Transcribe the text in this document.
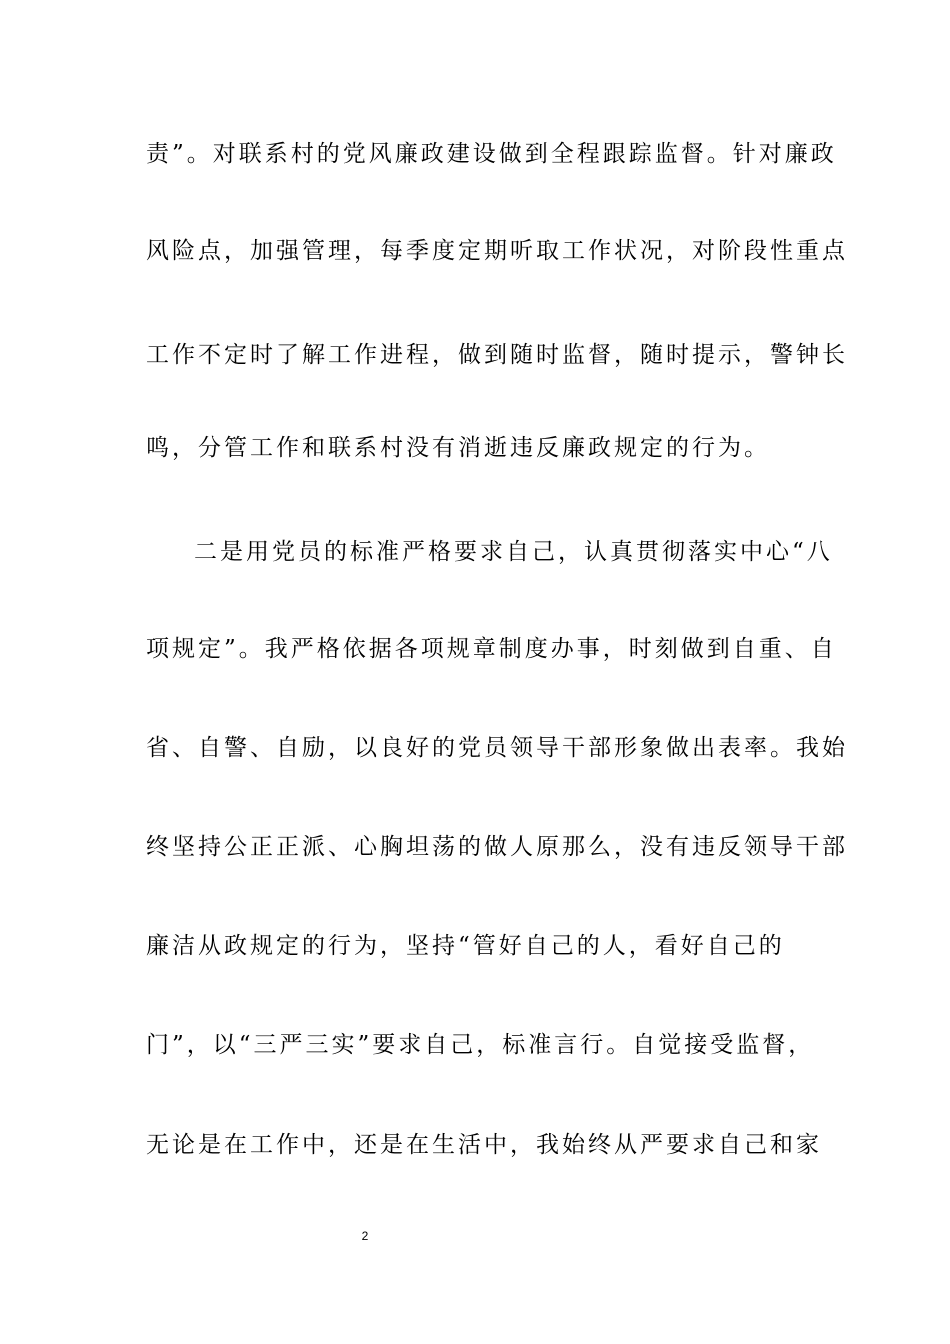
责”。对联系村的党风廉政建设做到全程跟踪监督。针对廉政
风险点，加强管理，每季度定期听取工作状况，对阶段性重点
工作不定时了解工作进程，做到随时监督，随时提示，警钟长
鸣，分管工作和联系村没有消逝违反廉政规定的行为。
二是用党员的标准严格要求自己，认真贯彻落实中心“八
项规定”。我严格依据各项规章制度办事，时刻做到自重、自
省、自警、自励，以良好的党员领导干部形象做出表率。我始
终坚持公正正派、心胸坦荡的做人原那么，没有违反领导干部
廉洁从政规定的行为，坚持“管好自己的人，看好自己的
门”，以“三严三实”要求自己，标准言行。自觉接受监督，
无论是在工作中，还是在生活中，我始终从严要求自己和家
2
